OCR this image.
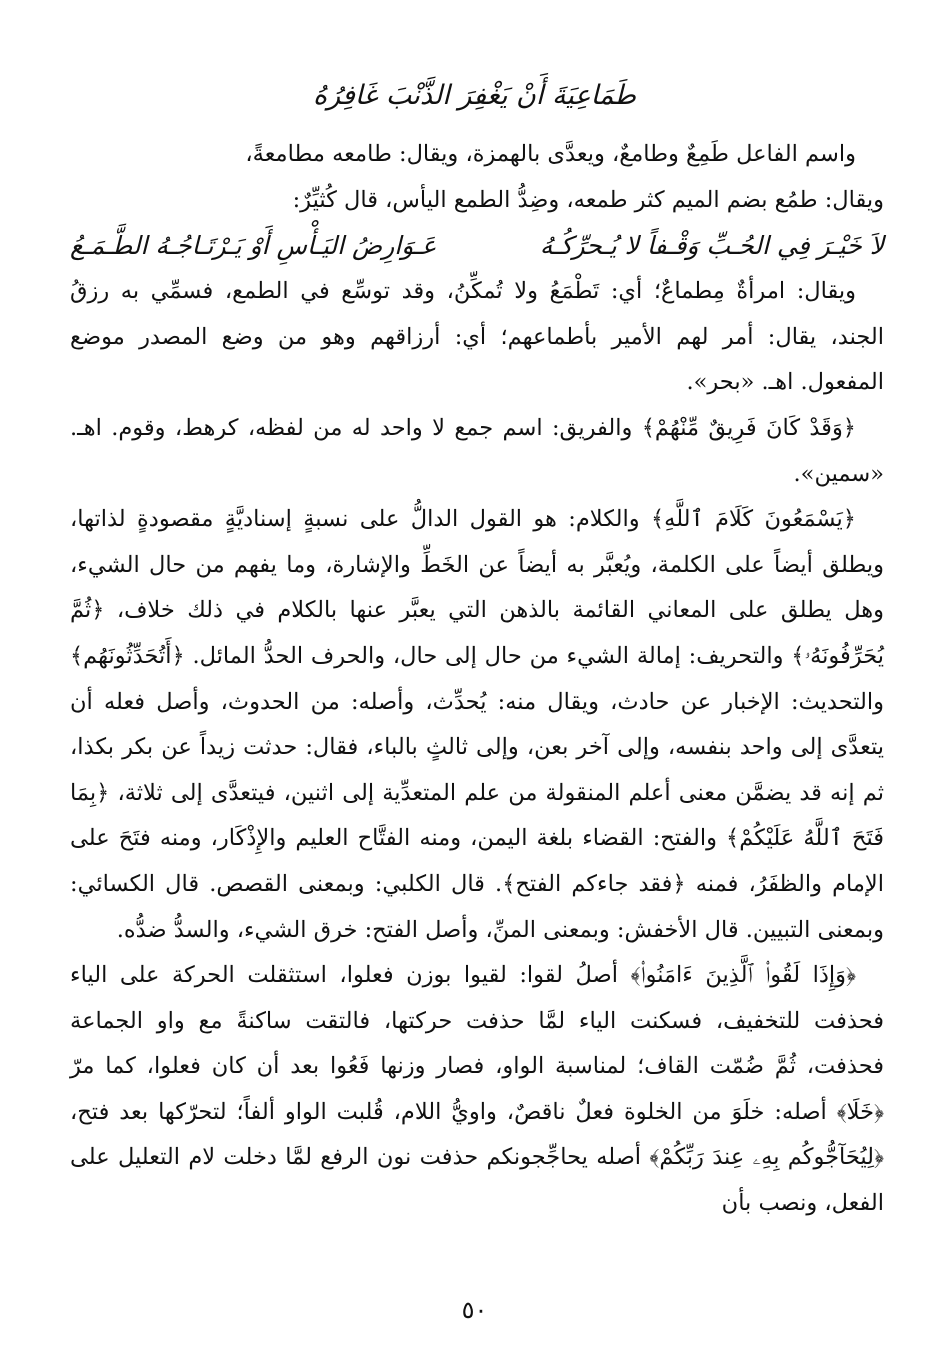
طَمَاعِيَةَ أَنْ يَغْفِرَ الذَّنْبَ غَافِرُهُ

واسم الفاعل طَمِعٌ وطامعٌ، ويعدَّى بالهمزة، ويقال: طامعه مطامعةً،

ويقال: طمُع بضم الميم كثر طمعه، وضِدُّ الطمع اليأس، قال كُثيِّرٌ:

لاَ خَيْـرَ فِي الحُـبِّ وَقْـفاً لا يُـحرِّكُـهُ
عَـوَارِضُ اليَـأْسِ أَوْ يَـرْتَـاجُـهُ الطَّـمَـعُ

ويقال: امرأةٌ مِطماعٌ؛ أي: تَطْمَعُ ولا تُمكِّنُ، وقد توسِّع في الطمع، فسمِّي به رزقُ الجند، يقال: أمر لهم الأمير بأطماعهم؛ أي: أرزاقهم وهو من وضع المصدر موضع المفعول. اهـ. «بحر».

﴿وَقَدْ كَانَ فَرِيقٌ مِّنْهُمْ﴾ والفريق: اسم جمع لا واحد له من لفظه، كرهط، وقوم. اهـ. «سمين».

﴿يَسْمَعُونَ كَلَامَ ٱللَّهِ﴾ والكلام: هو القول الدالُّ على نسبةٍ إسناديَّةٍ مقصودةٍ لذاتها، ويطلق أيضاً على الكلمة، ويُعبَّر به أيضاً عن الخَطِّ والإشارة، وما يفهم من حال الشيء، وهل يطلق على المعاني القائمة بالذهن التي يعبَّر عنها بالكلام في ذلك خلاف، ﴿ثُمَّ يُحَرِّفُونَهُۥ﴾ والتحريف: إمالة الشيء من حال إلى حال، والحرف الحدُّ المائل. ﴿أَتُحَدِّثُونَهُم﴾ والتحديث: الإخبار عن حادث، ويقال منه: يُحدِّث، وأصله: من الحدوث، وأصل فعله أن يتعدَّى إلى واحد بنفسه، وإلى آخر بعن، وإلى ثالثٍ بالباء، فقال: حدثت زيداً عن بكر بكذا، ثم إنه قد يضمَّن معنى أعلم المنقولة من علم المتعدِّية إلى اثنين، فيتعدَّى إلى ثلاثة، ﴿بِمَا فَتَحَ ٱللَّهُ عَلَيْكُمْ﴾ والفتح: القضاء بلغة اليمن، ومنه الفتَّاح العليم والإِذْكَار، ومنه فتَحَ على الإمام والظفَرُ، فمنه ﴿فقد جاءكم الفتح﴾. قال الكلبي: وبمعنى القصص. قال الكسائي: وبمعنى التبيين. قال الأخفش: وبمعنى المنِّ، وأصل الفتح: خرق الشيء، والسدُّ ضدُّه.

﴿وَإِذَا لَقُوا۟ ٱلَّذِينَ ءَامَنُوا۟﴾ أصلُ لقوا: لقيوا بوزن فعلوا، استثقلت الحركة على الياء فحذفت للتخفيف، فسكنت الياء لمَّا حذفت حركتها، فالتقت ساكنةً مع واو الجماعة فحذفت، ثُمَّ ضُمّت القاف؛ لمناسبة الواو، فصار وزنها فَعُوا بعد أن كان فعلوا، كما مرّ ﴿خَلَا﴾ أصله: خلَوَ من الخلوة فعلٌ ناقصٌ، واويُّ اللام، قُلبت الواو ألفاً؛ لتحرّكها بعد فتح، ﴿لِيُحَآجُّوكُم بِهِۦ عِندَ رَبِّكُمْ﴾ أصله يحاجِّجونكم حذفت نون الرفع لمَّا دخلت لام التعليل على الفعل، ونصب بأن

٥٠
